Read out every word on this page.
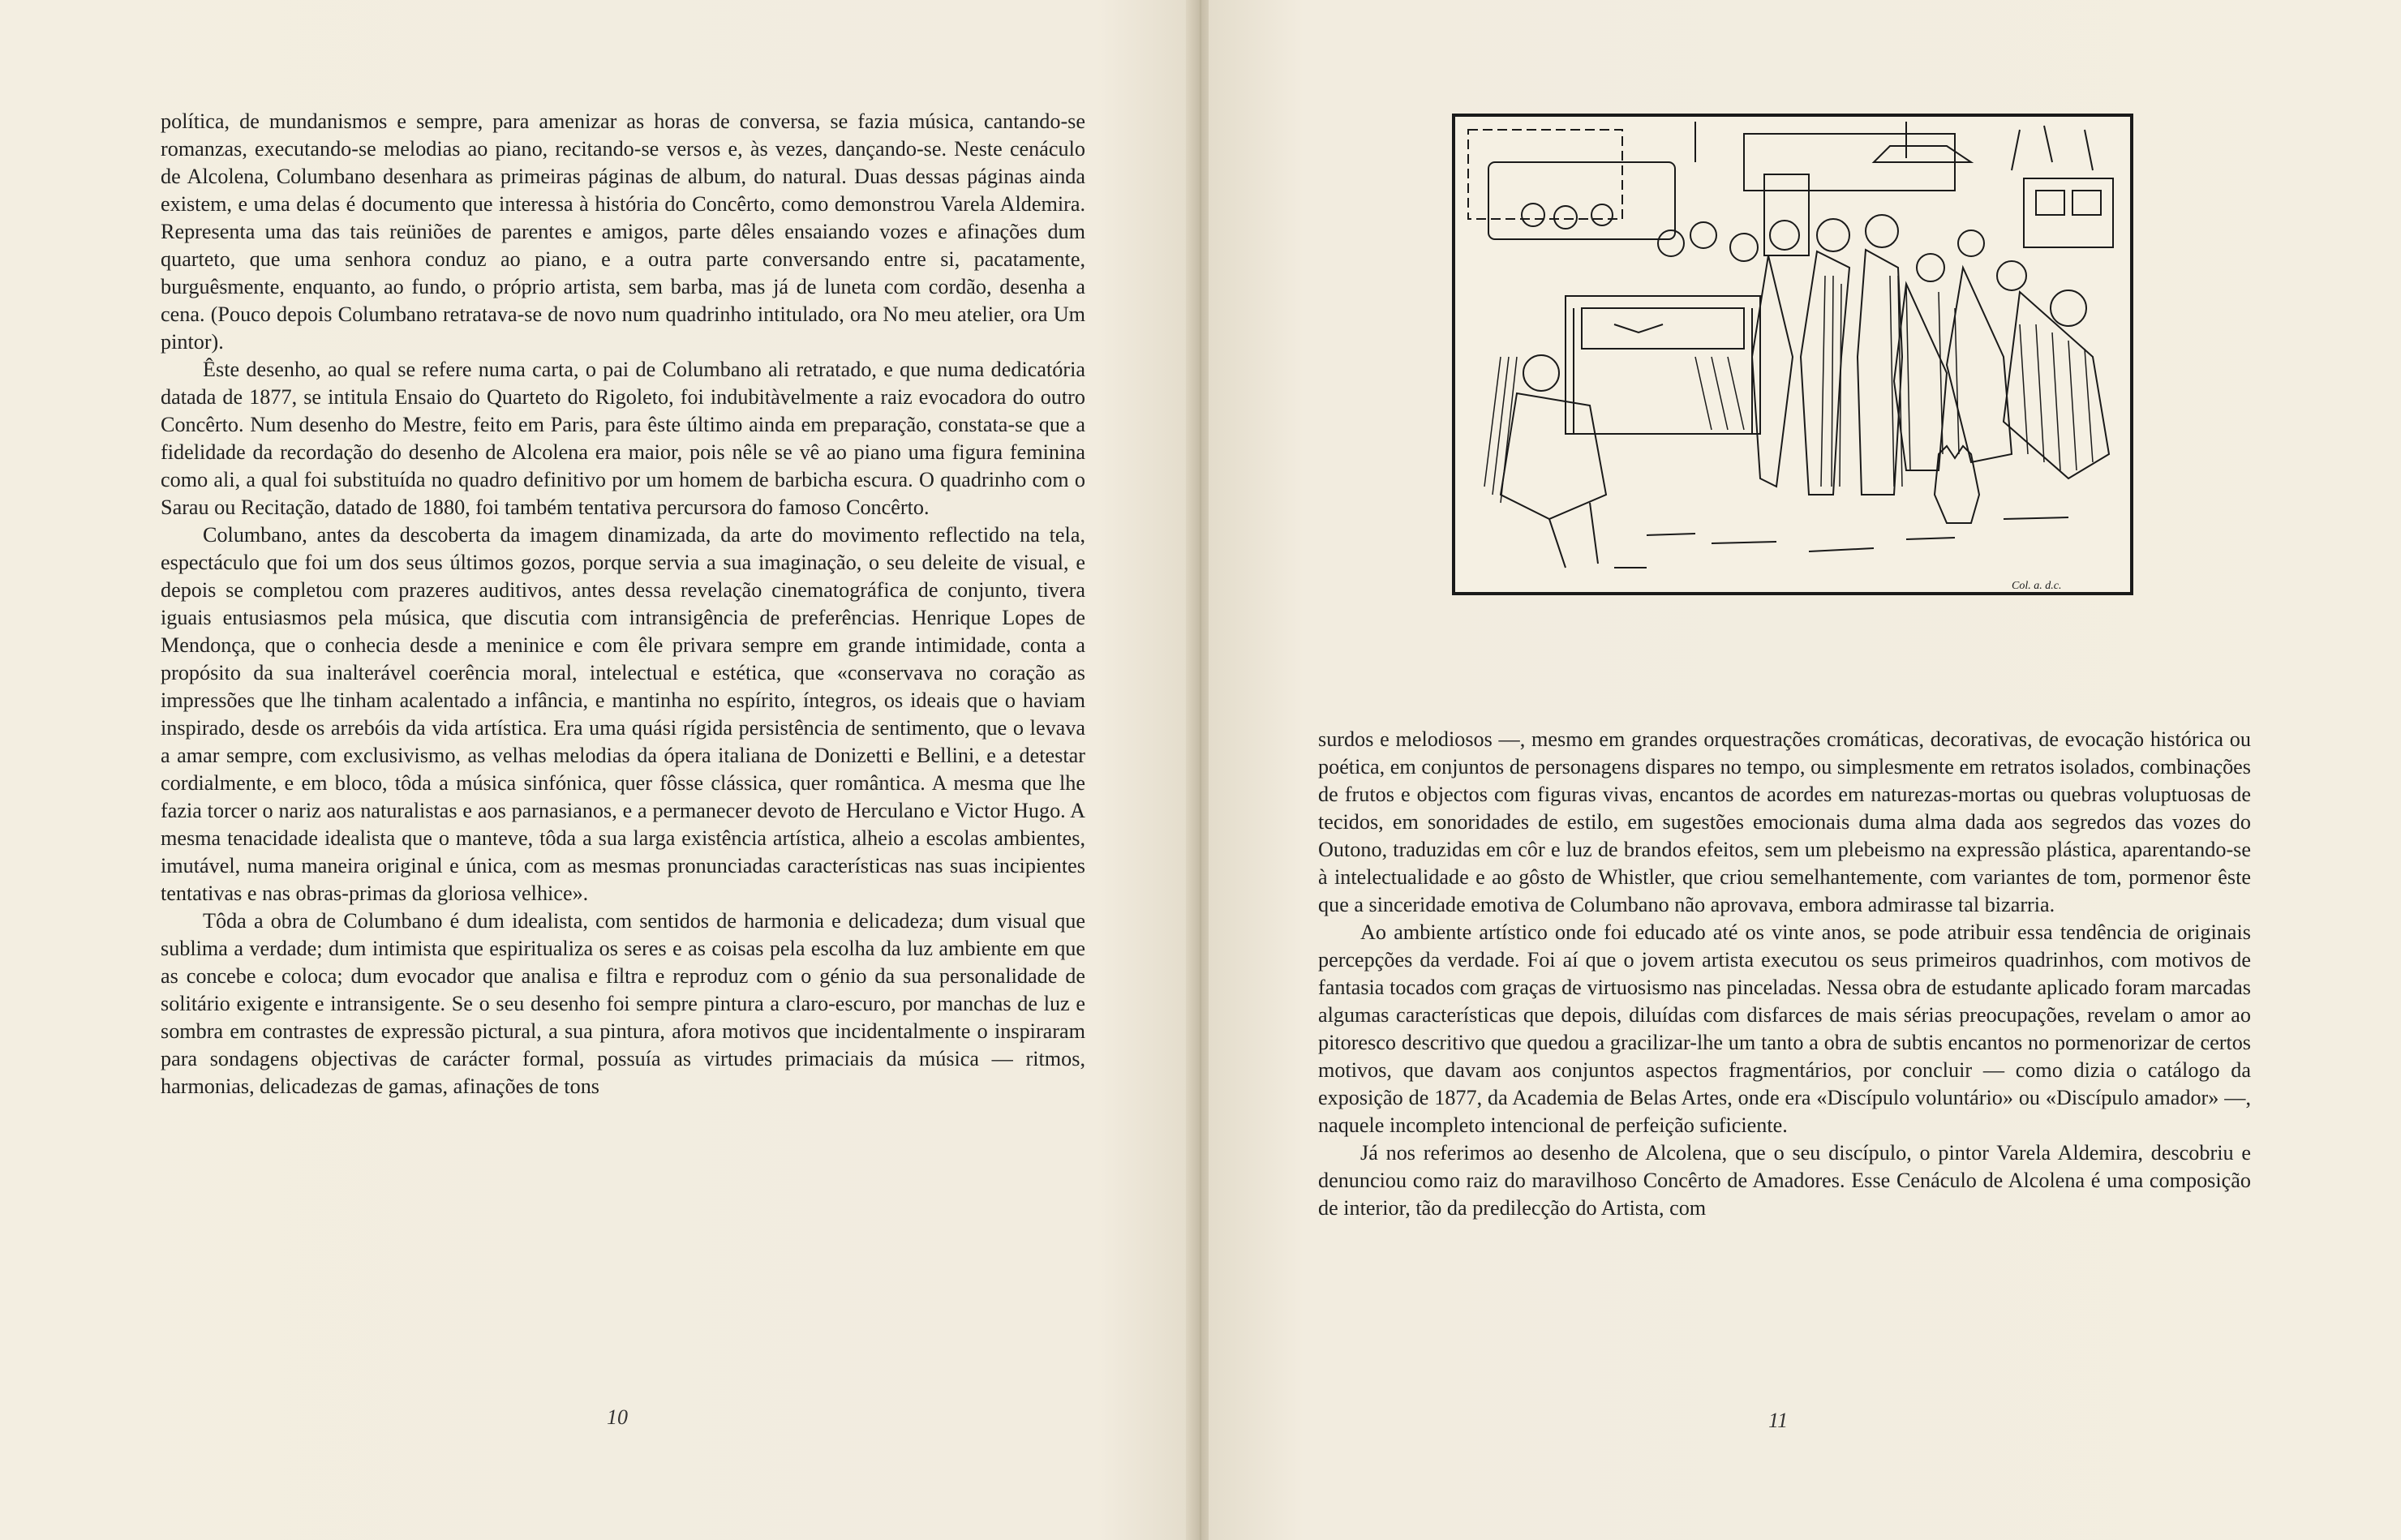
política, de mundanismos e sempre, para amenizar as horas de conversa, se fazia música, cantando-se romanzas, executando-se melodias ao piano, recitando-se versos e, às vezes, dançando-se. Neste cenáculo de Alcolena, Columbano desenhara as primeiras páginas de album, do natural. Duas dessas páginas ainda existem, e uma delas é documento que interessa à história do Concêrto, como demonstrou Varela Aldemira. Representa uma das tais reüniões de parentes e amigos, parte dêles ensaiando vozes e afinações dum quarteto, que uma senhora conduz ao piano, e a outra parte conversando entre si, pacatamente, burguêsmente, enquanto, ao fundo, o próprio artista, sem barba, mas já de luneta com cordão, desenha a cena. (Pouco depois Columbano retratava-se de novo num quadrinho intitulado, ora No meu atelier, ora Um pintor).

Êste desenho, ao qual se refere numa carta, o pai de Columbano ali retratado, e que numa dedicatória datada de 1877, se intitula Ensaio do Quarteto do Rigoleto, foi indubitàvelmente a raiz evocadora do outro Concêrto. Num desenho do Mestre, feito em Paris, para êste último ainda em preparação, constata-se que a fidelidade da recordação do desenho de Alcolena era maior, pois nêle se vê ao piano uma figura feminina como ali, a qual foi substituída no quadro definitivo por um homem de barbicha escura. O quadrinho com o Sarau ou Recitação, datado de 1880, foi também tentativa percursora do famoso Concêrto.

Columbano, antes da descoberta da imagem dinamizada, da arte do movimento reflectido na tela, espectáculo que foi um dos seus últimos gozos, porque servia a sua imaginação, o seu deleite de visual, e depois se completou com prazeres auditivos, antes dessa revelação cinematográfica de conjunto, tivera iguais entusiasmos pela música, que discutia com intransigência de preferências. Henrique Lopes de Mendonça, que o conhecia desde a meninice e com êle privara sempre em grande intimidade, conta a propósito da sua inalterável coerência moral, intelectual e estética, que «conservava no coração as impressões que lhe tinham acalentado a infância, e mantinha no espírito, íntegros, os ideais que o haviam inspirado, desde os arrebóis da vida artística. Era uma quási rígida persistência de sentimento, que o levava a amar sempre, com exclusivismo, as velhas melodias da ópera italiana de Donizetti e Bellini, e a detestar cordialmente, e em bloco, tôda a música sinfónica, quer fôsse clássica, quer romântica. A mesma que lhe fazia torcer o nariz aos naturalistas e aos parnasianos, e a permanecer devoto de Herculano e Victor Hugo. A mesma tenacidade idealista que o manteve, tôda a sua larga existência artística, alheio a escolas ambientes, imutável, numa maneira original e única, com as mesmas pronunciadas características nas suas incipientes tentativas e nas obras-primas da gloriosa velhice».

Tôda a obra de Columbano é dum idealista, com sentidos de harmonia e delicadeza; dum visual que sublima a verdade; dum intimista que espiritualiza os seres e as coisas pela escolha da luz ambiente em que as concebe e coloca; dum evocador que analisa e filtra e reproduz com o génio da sua personalidade de solitário exigente e intransigente. Se o seu desenho foi sempre pintura a claro-escuro, por manchas de luz e sombra em contrastes de expressão pictural, a sua pintura, afora motivos que incidentalmente o inspiraram para sondagens objectivas de carácter formal, possuía as virtudes primaciais da música — ritmos, harmonias, delicadezas de gamas, afinações de tons

10
Col. a. d.c.

surdos e melodiosos —, mesmo em grandes orquestrações cromáticas, decorativas, de evocação histórica ou poética, em conjuntos de personagens dispares no tempo, ou simplesmente em retratos isolados, combinações de frutos e objectos com figuras vivas, encantos de acordes em naturezas-mortas ou quebras voluptuosas de tecidos, em sonoridades de estilo, em sugestões emocionais duma alma dada aos segredos das vozes do Outono, traduzidas em côr e luz de brandos efeitos, sem um plebeismo na expressão plástica, aparentando-se à intelectualidade e ao gôsto de Whistler, que criou semelhantemente, com variantes de tom, pormenor êste que a sinceridade emotiva de Columbano não aprovava, embora admirasse tal bizarria.

Ao ambiente artístico onde foi educado até os vinte anos, se pode atribuir essa tendência de originais percepções da verdade. Foi aí que o jovem artista executou os seus primeiros quadrinhos, com motivos de fantasia tocados com graças de virtuosismo nas pinceladas. Nessa obra de estudante aplicado foram marcadas algumas características que depois, diluídas com disfarces de mais sérias preocupações, revelam o amor ao pitoresco descritivo que quedou a gracilizar-lhe um tanto a obra de subtis encantos no pormenorizar de certos motivos, que davam aos conjuntos aspectos fragmentários, por concluir — como dizia o catálogo da exposição de 1877, da Academia de Belas Artes, onde era «Discípulo voluntário» ou «Discípulo amador» —, naquele incompleto intencional de perfeição suficiente.

Já nos referimos ao desenho de Alcolena, que o seu discípulo, o pintor Varela Aldemira, descobriu e denunciou como raiz do maravilhoso Concêrto de Amadores. Esse Cenáculo de Alcolena é uma composição de interior, tão da predilecção do Artista, com

11
